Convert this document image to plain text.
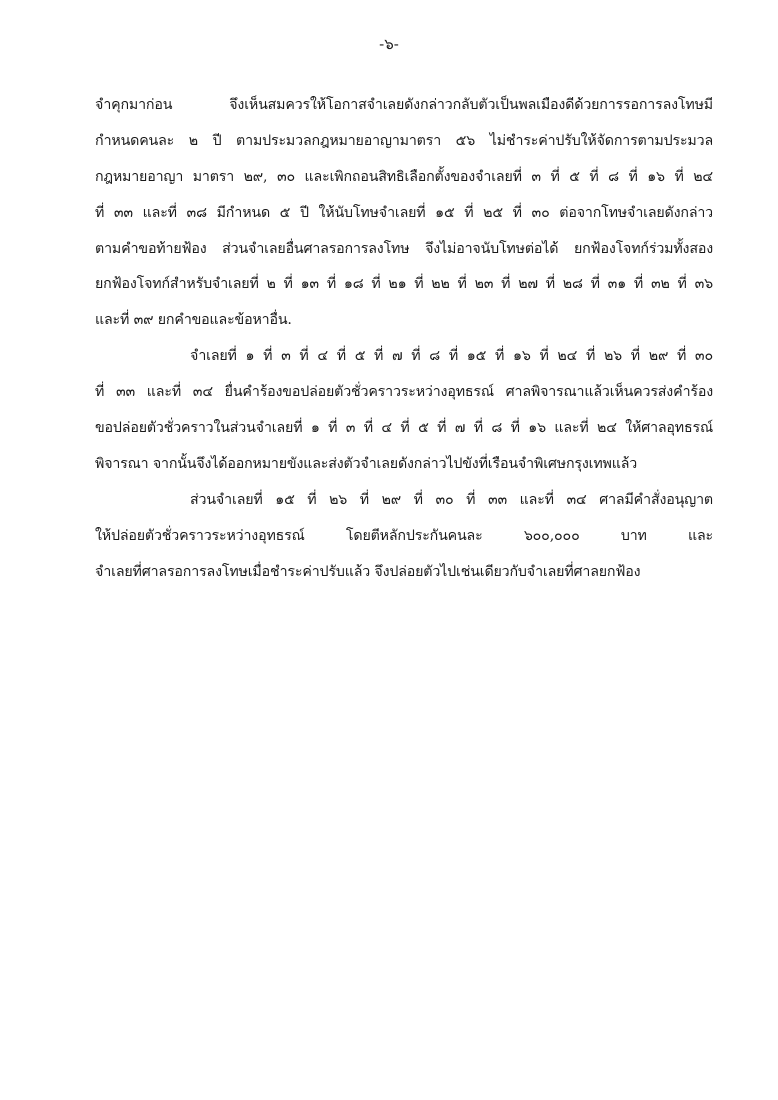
-๖-
จำคุกมาก่อน จึงเห็นสมควรให้โอกาสจำเลยดังกล่าวกลับตัวเป็นพลเมืองดีด้วยการรอการลงโทษมี
กำหนดคนละ ๒ ปี ตามประมวลกฎหมายอาญามาตรา ๕๖ ไม่ชำระค่าปรับให้จัดการตามประมวล
กฎหมายอาญา มาตรา ๒๙, ๓๐ และเพิกถอนสิทธิเลือกตั้งของจำเลยที่ ๓ ที่ ๕ ที่ ๘ ที่ ๑๖ ที่ ๒๔
ที่ ๓๓ และที่ ๓๘ มีกำหนด ๕ ปี ให้นับโทษจำเลยที่ ๑๕ ที่ ๒๕ ที่ ๓๐ ต่อจากโทษจำเลยดังกล่าว
ตามคำขอท้ายฟ้อง ส่วนจำเลยอื่นศาลรอการลงโทษ จึงไม่อาจนับโทษต่อได้ ยกฟ้องโจทก์ร่วมทั้งสอง
ยกฟ้องโจทก์สำหรับจำเลยที่ ๒ ที่ ๑๓ ที่ ๑๘ ที่ ๒๑ ที่ ๒๒ ที่ ๒๓ ที่ ๒๗ ที่ ๒๘ ที่ ๓๑ ที่ ๓๒ ที่ ๓๖
และที่ ๓๙ ยกคำขอและข้อหาอื่น.
จำเลยที่ ๑ ที่ ๓ ที่ ๔ ที่ ๕ ที่ ๗ ที่ ๘ ที่ ๑๕ ที่ ๑๖ ที่ ๒๔ ที่ ๒๖ ที่ ๒๙ ที่ ๓๐
ที่ ๓๓ และที่ ๓๔ ยื่นคำร้องขอปล่อยตัวชั่วคราวระหว่างอุทธรณ์ ศาลพิจารณาแล้วเห็นควรส่งคำร้อง
ขอปล่อยตัวชั่วคราวในส่วนจำเลยที่ ๑ ที่ ๓ ที่ ๔ ที่ ๕ ที่ ๗ ที่ ๘ ที่ ๑๖ และที่ ๒๔ ให้ศาลอุทธรณ์
พิจารณา จากนั้นจึงได้ออกหมายขังและส่งตัวจำเลยดังกล่าวไปขังที่เรือนจำพิเศษกรุงเทพแล้ว
ส่วนจำเลยที่ ๑๕ ที่ ๒๖ ที่ ๒๙ ที่ ๓๐ ที่ ๓๓ และที่ ๓๔ ศาลมีคำสั่งอนุญาต
ให้ปล่อยตัวชั่วคราวระหว่างอุทธรณ์ โดยตีหลักประกันคนละ ๖๐๐,๐๐๐ บาท และ
จำเลยที่ศาลรอการลงโทษเมื่อชำระค่าปรับแล้ว จึงปล่อยตัวไปเช่นเดียวกับจำเลยที่ศาลยกฟ้อง
